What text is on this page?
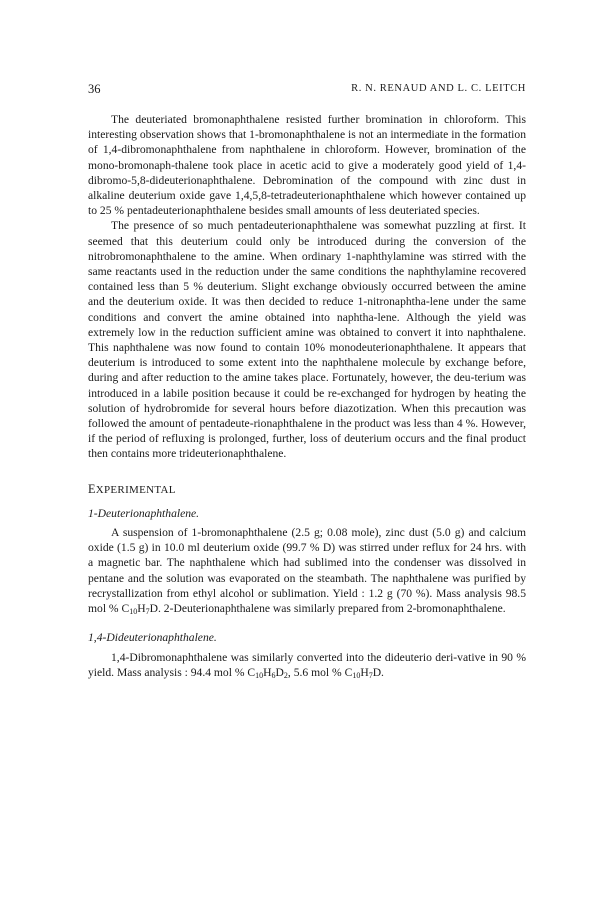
36	R. N. RENAUD AND L. C. LEITCH

The deuteriated bromonaphthalene resisted further bromination in chloroform. This interesting observation shows that 1-bromonaphthalene is not an intermediate in the formation of 1,4-dibromonaphthalene from naphthalene in chloroform. However, bromination of the mono-bromonaph-thalene took place in acetic acid to give a moderately good yield of 1,4-dibromo-5,8-dideuterionaphthalene. Debromination of the compound with zinc dust in alkaline deuterium oxide gave 1,4,5,8-tetradeuterionaphthalene which however contained up to 25 % pentadeuterionaphthalene besides small amounts of less deuteriated species.

The presence of so much pentadeuterionaphthalene was somewhat puzzling at first. It seemed that this deuterium could only be introduced during the conversion of the nitrobromonaphthalene to the amine. When ordinary 1-naphthylamine was stirred with the same reactants used in the reduction under the same conditions the naphthylamine recovered contained less than 5 % deuterium. Slight exchange obviously occurred between the amine and the deuterium oxide. It was then decided to reduce 1-nitronaphtha-lene under the same conditions and convert the amine obtained into naphtha-lene. Although the yield was extremely low in the reduction sufficient amine was obtained to convert it into naphthalene. This naphthalene was now found to contain 10% monodeuterionaphthalene. It appears that deuterium is introduced to some extent into the naphthalene molecule by exchange before, during and after reduction to the amine takes place. Fortunately, however, the deu-terium was introduced in a labile position because it could be re-exchanged for hydrogen by heating the solution of hydrobromide for several hours before diazotization. When this precaution was followed the amount of pentadeute-rionaphthalene in the product was less than 4 %. However, if the period of refluxing is prolonged, further, loss of deuterium occurs and the final product then contains more trideuterionaphthalene.

EXPERIMENTAL
1-Deuterionaphthalene.

A suspension of 1-bromonaphthalene (2.5 g; 0.08 mole), zinc dust (5.0 g) and calcium oxide (1.5 g) in 10.0 ml deuterium oxide (99.7 % D) was stirred under reflux for 24 hrs. with a magnetic bar. The naphthalene which had sublimed into the condenser was dissolved in pentane and the solution was evaporated on the steambath. The naphthalene was purified by recrystallization from ethyl alcohol or sublimation. Yield : 1.2 g (70 %). Mass analysis 98.5 mol % $C_{10}H_7D$. 2-Deuterionaphthalene was similarly prepared from 2-bromonaphthalene.

1,4-Dideuterionaphthalene.

1,4-Dibromonaphthalene was similarly converted into the dideuterio deri-vative in 90 % yield. Mass analysis : 94.4 mol % $C_{10}H_6D_2$, 5.6 mol % $C_{10}H_7D$.
